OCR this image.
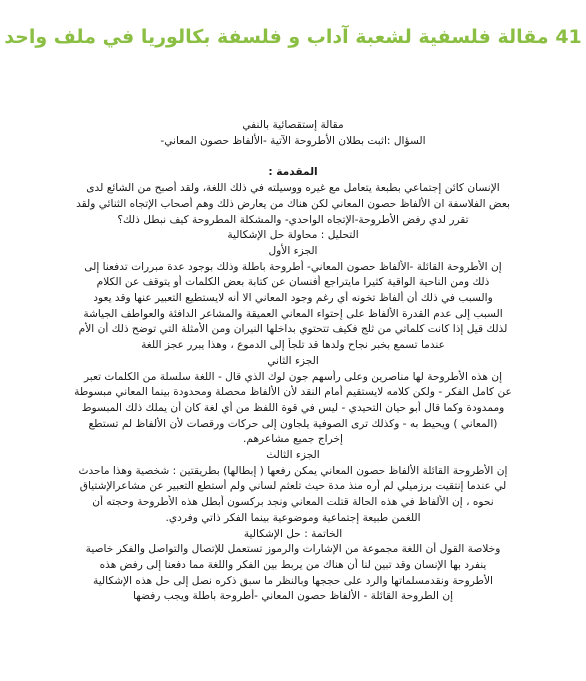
41 مقالة فلسفية لشعبة آداب و فلسفة بكالوريا في ملف واحد
مقالة إستقصائية بالنفي
السؤال :اثبت بطلان الأطروحة الآتية -الألفاظ حصون المعاني-
المقدمة :
الإنسان كائن إجتماعي بطبعة يتعامل مع غيره ووسيلته في ذلك اللغة، ولقد أصبح من الشائع لدى
بعض الفلاسفة ان الألفاظ حصون المعاني لكن هناك من يعارض ذلك وهم أصحاب الإتجاه الثنائي ولقد
تقرر لدي رفض الأطروحة-الإتجاه الواحدي- والمشكلة المطروحة كيف نبطل ذلك؟
التحليل : محاولة حل الإشكالية
الجزء الأول
إن الأطروحة القائلة -الألفاظ حصون المعاني- أطروحة باطلة وذلك بوجود عدة مبررات تدفعنا إلى
ذلك ومن الناحية الواقية كثيرا مايتراجع أفنسان عن كتابة بعض الكلمات أو يتوقف عن الكلام
والسبب في ذلك أن ألفاظ تخونه أي رغم وجود المعاني الا أنه لايستطيع التعبير عنها وقد يعود
السبب إلى عدم القدرة الألفاظ على إحتواء المعاني العميقة والمشاعر الدافئة والعواطف الجياشة
لذلك قيل إذا كانت كلماتي من ثلج فكيف تتحتوي بداخلها النيران ومن الأمثلة التي توضح ذلك أن الأم
عندما تسمع بخبر نجاح ولدها قد تلجأ إلى الدموع ، وهذا يبرر عجز اللغة
الجزء الثاني
إن هذه الأطروحة لها مناصرين وعلى رأسهم جون لوك الذي قال - اللغة سلسلة من الكلمات تعبر
عن كامل الفكر - ولكن كلامه لايستقيم أمام النقد لأن الألفاظ محصلة ومحدودة بينما المعاني مبسوطة
وممدودة وكما قال أبو حيان التحيدي - ليس في قوة اللفظ من أي لغة كان أن يملك ذلك المبسوط
(المعاني ) ويحيط به - وكذلك ترى الصوفية يلجاون إلى حركات ورقصات لأن الألفاظ لم تستطع
إخراج جميع مشاعرهم.
الجزء الثالث
إن الأطروحة القائلة الألفاظ حصون المعاني يمكن رفعها ( إبطالها) بطريقتين : شخصية وهذا ماحدث
لي عندما إنتقيت برزميلي لم أره منذ مدة حيث تلعثم لساني ولم أستطع التعبير عن مشاعرالإشتياق
نحوه ، إن الألفاظ في هذه الحالة قتلت المعاني ونجد بركسون أبطل هذه الأطروحة وحجته أن
اللغمن طبيعة إجتماعية وموضوعية بينما الفكر ذاتي وفردي.
الخاتمة : حل الإشكالية
وخلاصة القول أن اللغة مجموعة من الإشارات والرموز تستعمل للإتصال والتواصل والفكر خاصية
ينفرد بها الإنسان وقد تبين لنا أن هناك من يربط بين الفكر واللغة مما دفعنا إلى رفض هذه
الأطروحة ونقدمسلماتها والرد على حججها وبالنظر ما سبق ذكره نصل إلى حل هذه الإشكالية
إن الطروحة القائلة - الألفاظ حصون المعاني -أطروحة باطلة ويجب رفضها
